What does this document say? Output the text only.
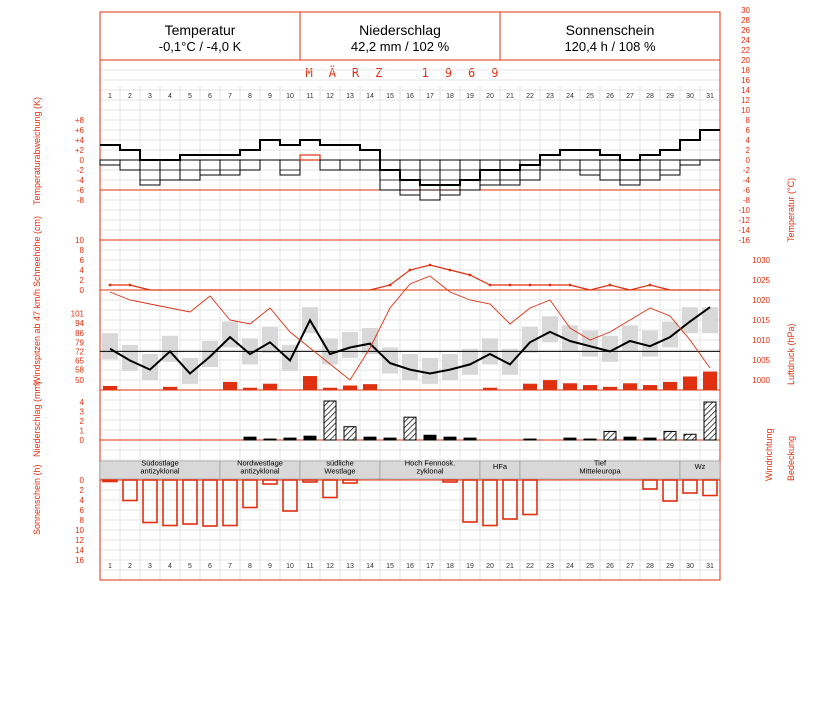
Temperatur
-0,1°C / -4,0 K
Niederschlag
42,2 mm / 102 %
Sonnenschein
120,4 h / 108 %
MÄRZ 1969
Temperaturabweichung (K)
Temperatur (°C)
Schneehöhe (cm)
Windspitzen ab 47 km/h	Luftdruck (hPa)
Niederschlag (mm)	Windrichtung Bedeckung
Sonnenschein (h)
1
1
2
2
3
3
4
4
5
5
6
6
7
7
8
8
9
9
10
10
11
11
12
12
13
13
14
14
15
15
16
16
17
17
18
18
19
19
20
20
21
21
22
22
23
23
24
24
25
25
26
26
27
27
28
28
29
29
30
30
31
31
+8
+6
+4
+2
0
-2
-4
-6
-8
30
28
26
24
22
20
18
16
14
12
10
8
6
4
2
0
-2
-4
-6
-8
-10
-12
-14
-16
10
8
6
4
2
0
101
94
86
79
72
65
58
50
1030
1025
1020
1015
1010
1005
1000
4
3
2
1
0
Südostlage
antizyklonal
Nordwestlage
antizyklonal
südliche
Westlage
Hoch Fennosk.
zyklonal	HFa	Tief
Mitteleuropa	Wz
0
2
4
6
8
10
12
14
16
